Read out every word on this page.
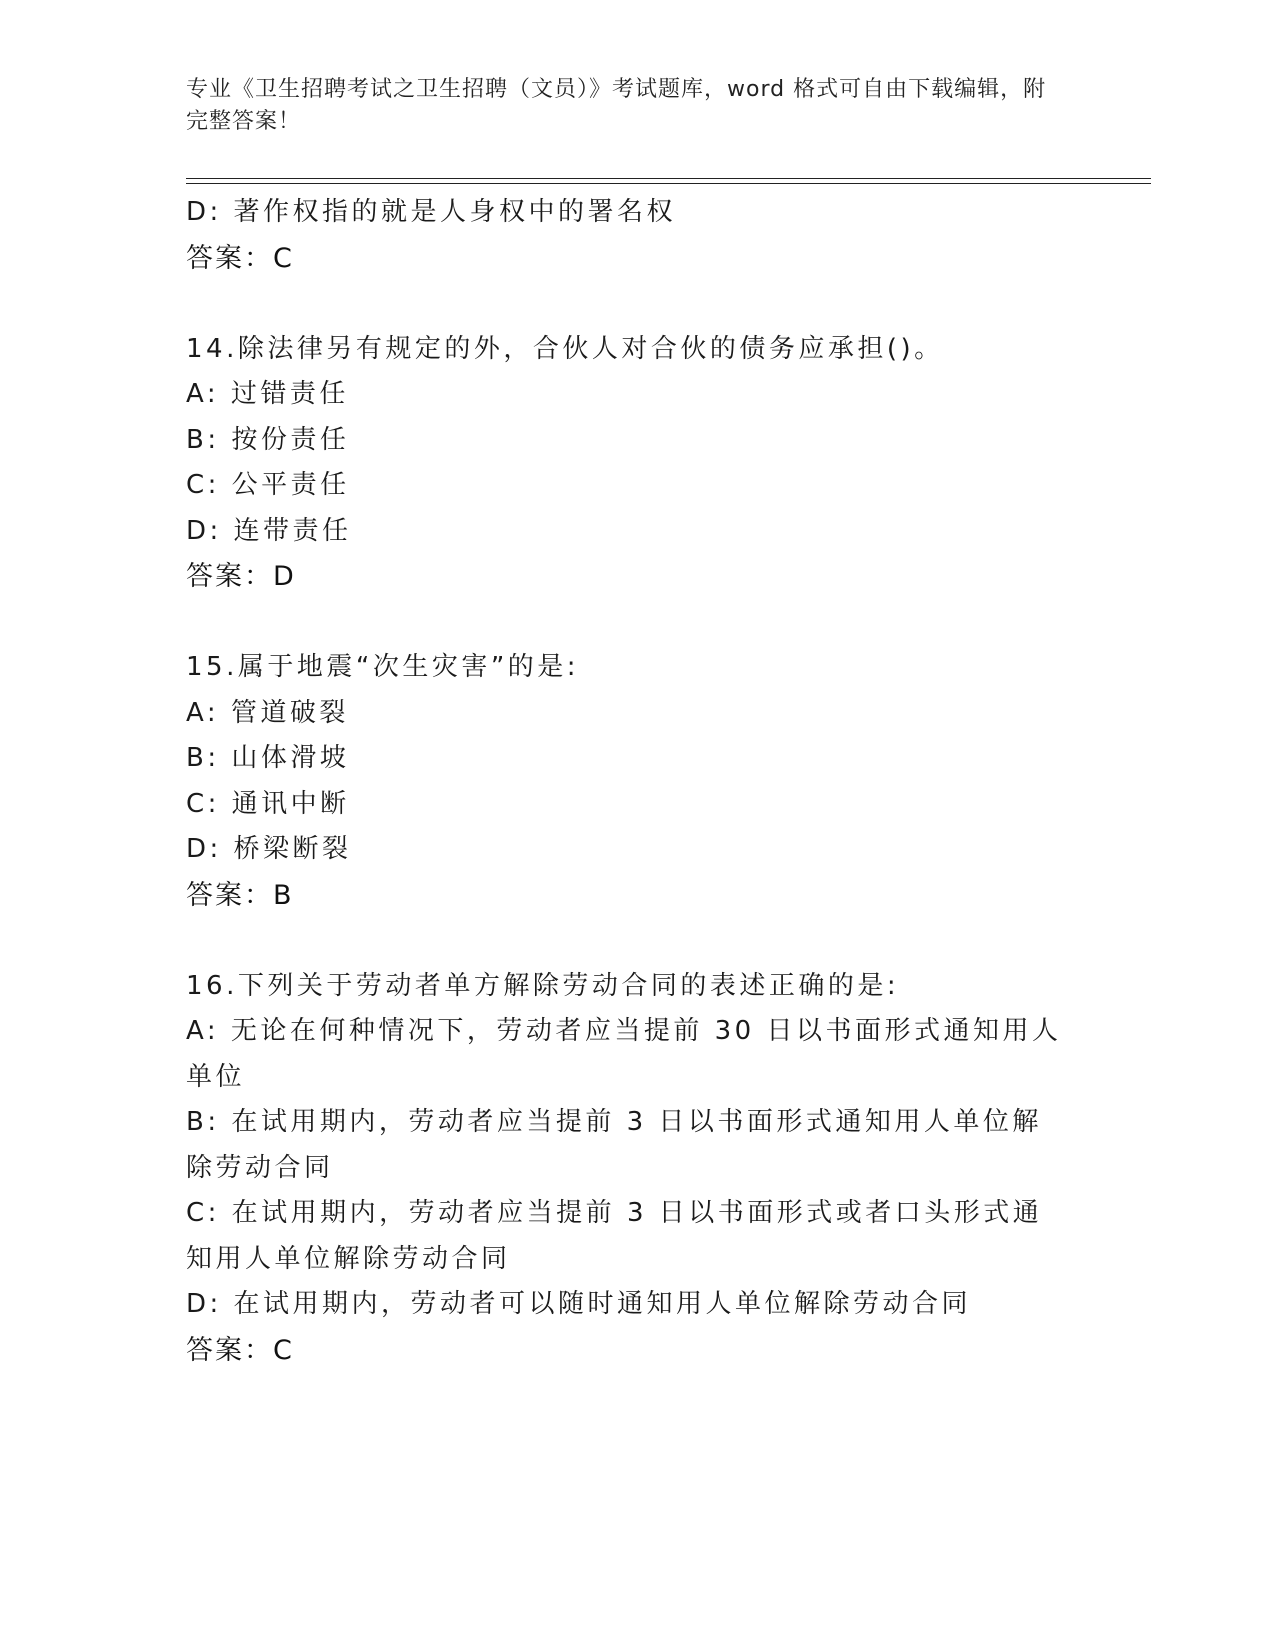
专业《卫生招聘考试之卫生招聘（文员）》考试题库，word 格式可自由下载编辑，附完整答案！
D: 著作权指的就是人身权中的署名权
答案：C
14.除法律另有规定的外，合伙人对合伙的债务应承担()。
A: 过错责任
B: 按份责任
C: 公平责任
D: 连带责任
答案：D
15.属于地震“次生灾害”的是:
A: 管道破裂
B: 山体滑坡
C: 通讯中断
D: 桥梁断裂
答案：B
16.下列关于劳动者单方解除劳动合同的表述正确的是:
A: 无论在何种情况下，劳动者应当提前 30 日以书面形式通知用人单位
B: 在试用期内，劳动者应当提前 3 日以书面形式通知用人单位解除劳动合同
C: 在试用期内，劳动者应当提前 3 日以书面形式或者口头形式通知用人单位解除劳动合同
D: 在试用期内，劳动者可以随时通知用人单位解除劳动合同
答案：C
